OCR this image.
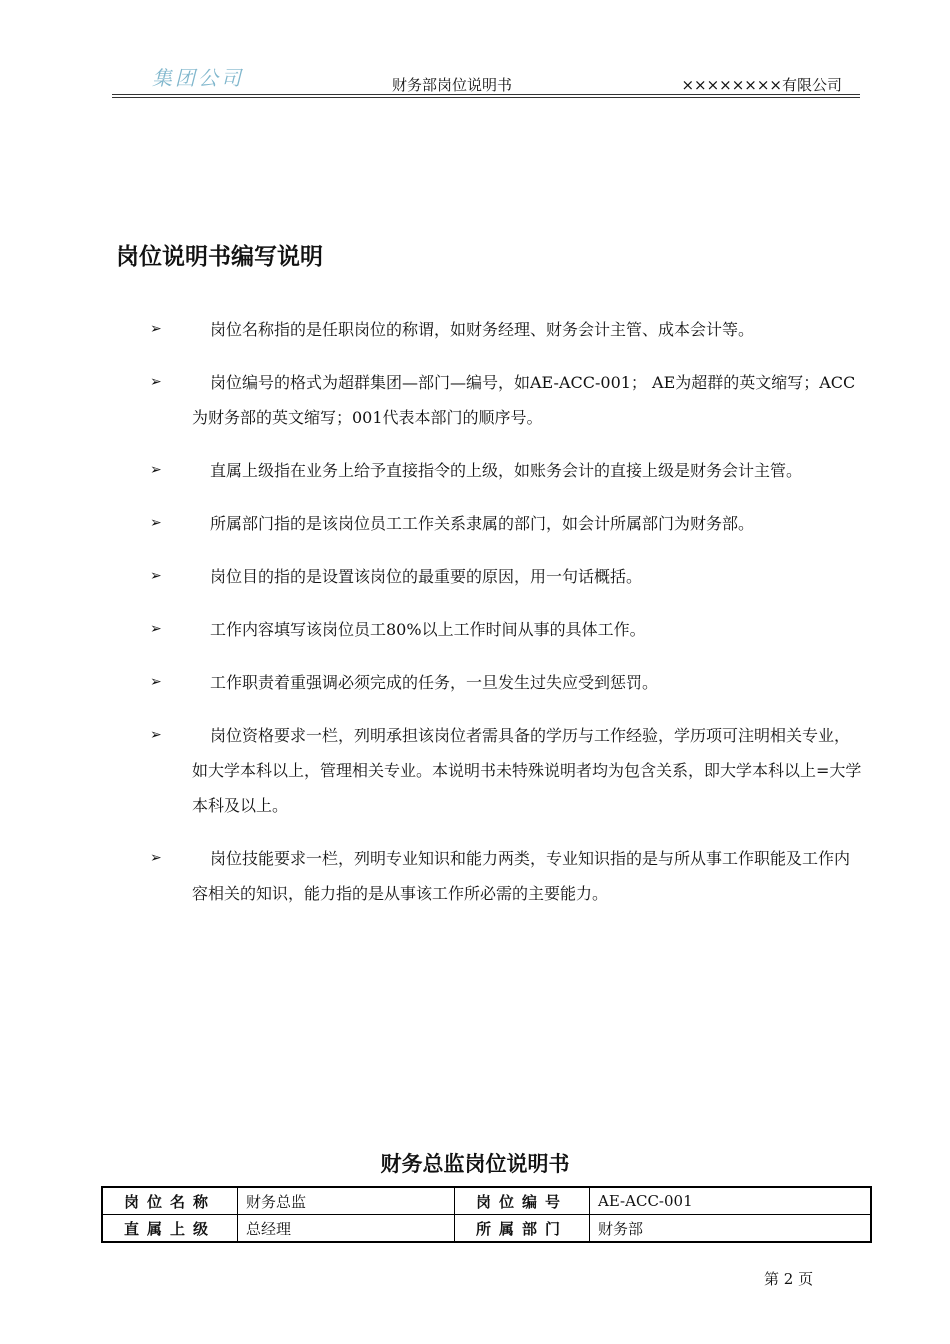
集团公司	财务部岗位说明书	××××××××有限公司
岗位说明书编写说明
➢	岗位名称指的是任职岗位的称谓，如财务经理、财务会计主管、成本会计等。
➢	岗位编号的格式为超群集团—部门—编号，如AE-ACC-001； AE为超群的英文缩写；ACC为财务部的英文缩写；001代表本部门的顺序号。
➢	直属上级指在业务上给予直接指令的上级，如账务会计的直接上级是财务会计主管。
➢	所属部门指的是该岗位员工工作关系隶属的部门，如会计所属部门为财务部。
➢	岗位目的指的是设置该岗位的最重要的原因，用一句话概括。
➢	工作内容填写该岗位员工80%以上工作时间从事的具体工作。
➢	工作职责着重强调必须完成的任务，一旦发生过失应受到惩罚。
➢	岗位资格要求一栏，列明承担该岗位者需具备的学历与工作经验，学历项可注明相关专业，如大学本科以上，管理相关专业。本说明书未特殊说明者均为包含关系，即大学本科以上=大学本科及以上。
➢	岗位技能要求一栏，列明专业知识和能力两类，专业知识指的是与所从事工作职能及工作内容相关的知识，能力指的是从事该工作所必需的主要能力。
财务总监岗位说明书
岗位名称	财务总监	岗位编号	AE-ACC-001
直属上级	总经理	所属部门	财务部
第 2 页
